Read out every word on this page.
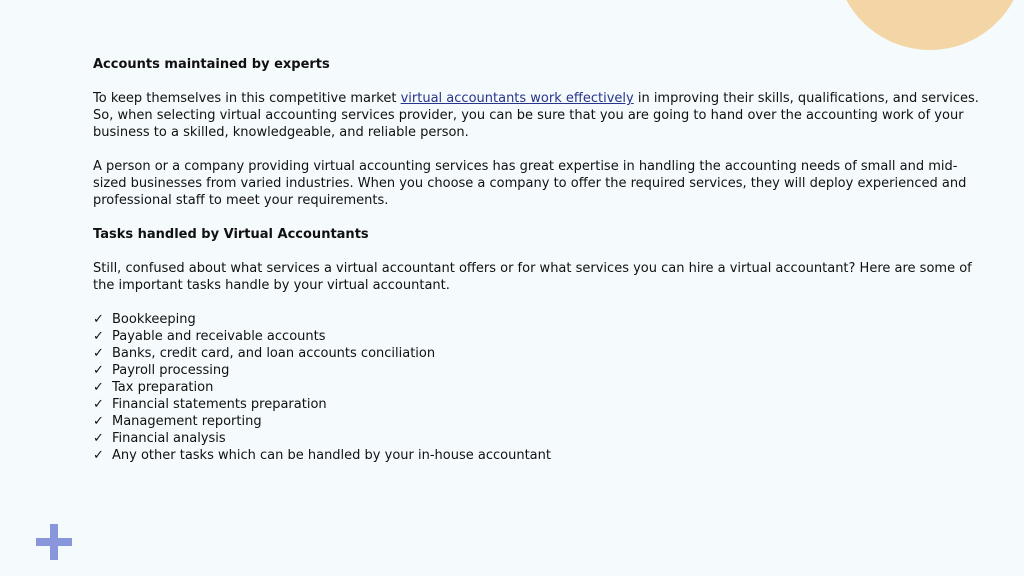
Accounts maintained by experts

To keep themselves in this competitive market virtual accountants work effectively in improving their skills, qualifications, and services. So, when selecting virtual accounting services provider, you can be sure that you are going to hand over the accounting work of your business to a skilled, knowledgeable, and reliable person.

A person or a company providing virtual accounting services has great expertise in handling the accounting needs of small and mid-sized businesses from varied industries. When you choose a company to offer the required services, they will deploy experienced and professional staff to meet your requirements.

Tasks handled by Virtual Accountants

Still, confused about what services a virtual accountant offers or for what services you can hire a virtual accountant? Here are some of the important tasks handle by your virtual accountant.

✓ Bookkeeping
✓ Payable and receivable accounts
✓ Banks, credit card, and loan accounts conciliation
✓ Payroll processing
✓ Tax preparation
✓ Financial statements preparation
✓ Management reporting
✓ Financial analysis
✓ Any other tasks which can be handled by your in-house accountant
